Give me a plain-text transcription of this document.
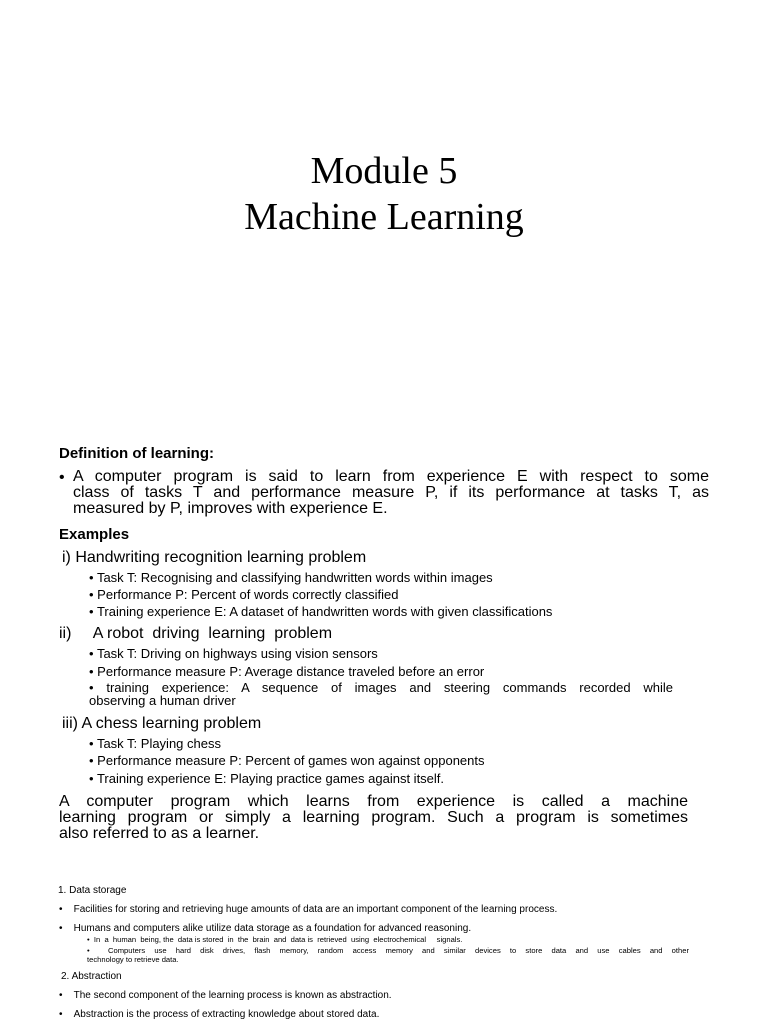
Module 5
Machine Learning
Definition of learning:
• A computer program is said to learn from experience E with respect to some
class of tasks T and performance measure P, if its performance at tasks T, as
measured by P, improves with experience E.
Examples
i) Handwriting recognition learning problem
• Task T: Recognising and classifying handwritten words within images
• Performance P: Percent of words correctly classified
• Training experience E: A dataset of handwritten words with given classifications
ii)     A robot  driving  learning  problem
• Task T: Driving on highways using vision sensors
• Performance measure P: Average distance traveled before an error
• training experience: A sequence of images and steering commands recorded while
observing a human driver
iii) A chess learning problem
• Task T: Playing chess
• Performance measure P: Percent of games won against opponents
• Training experience E: Playing practice games against itself.
A computer program which learns from experience is called a machine
learning program or simply a learning program. Such a program is sometimes
also referred to as a learner.
1. Data storage
•    Facilities for storing and retrieving huge amounts of data are an important component of the learning process.
•    Humans and computers alike utilize data storage as a foundation for advanced reasoning.
•  In  a  human  being, the  data is stored  in  the  brain  and  data is  retrieved  using  electrochemical     signals.
•  Computers use hard disk drives, flash memory, random access memory and similar devices to store data and use cables and other
technology to retrieve data.
2. Abstraction
•    The second component of the learning process is known as abstraction.
•    Abstraction is the process of extracting knowledge about stored data.
